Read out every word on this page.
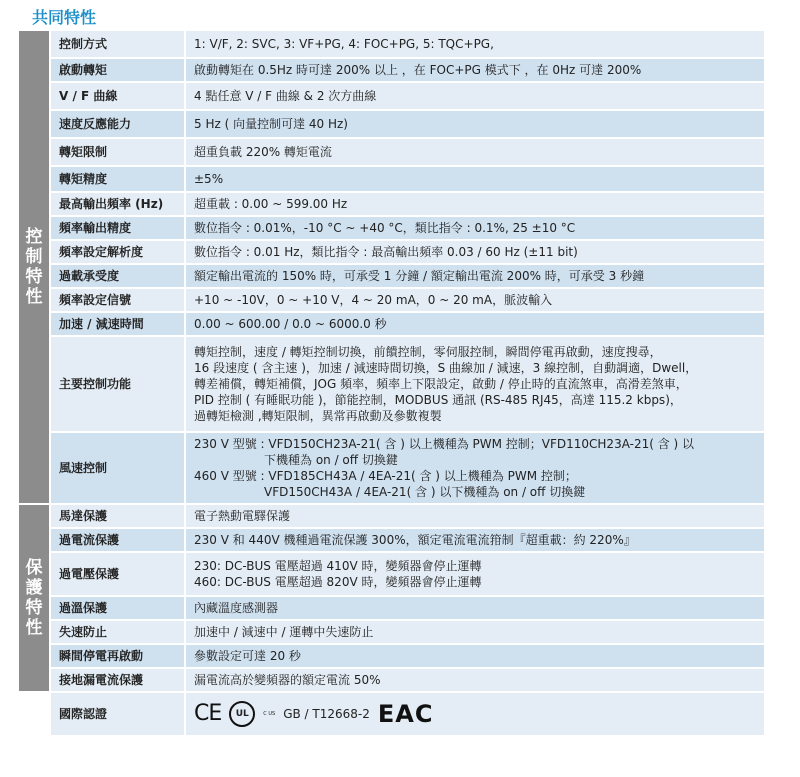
共同特性
控
制
特
性	控制方式	1: V/F, 2: SVC, 3: VF+PG, 4: FOC+PG, 5: TQC+PG,

	啟動轉矩	啟動轉矩在 0.5Hz 時可達 200% 以上 ，在 FOC+PG 模式下 ，在 0Hz 可達 200%

	V / F 曲線	4 點任意 V / F 曲線 & 2 次方曲線

	速度反應能力	5 Hz ( 向量控制可達 40 Hz)

	轉矩限制	超重負載 220% 轉矩電流

	轉矩精度	±5%

	最高輸出頻率 (Hz)	超重載 : 0.00 ~ 599.00 Hz

	頻率輸出精度	數位指令 : 0.01%，-10 °C ~ +40 °C，類比指令 : 0.1%, 25 ±10 °C

	頻率設定解析度	數位指令 : 0.01 Hz，類比指令 : 最高輸出頻率 0.03 / 60 Hz (±11 bit)

	過載承受度	額定輸出電流的 150% 時，可承受 1 分鐘 / 額定輸出電流 200% 時，可承受 3 秒鐘

	頻率設定信號	+10 ~ -10V，0 ~ +10 V，4 ~ 20 mA，0 ~ 20 mA，脈波輸入

	加速 / 減速時間	0.00 ~ 600.00 / 0.0 ~ 6000.0 秒

	主要控制功能	轉矩控制，速度 / 轉矩控制切換，前饋控制，零伺服控制，瞬間停電再啟動，速度搜尋，
16 段速度 ( 含主速 )，加速 / 減速時間切換，S 曲線加 / 減速，3 線控制，自動調適，Dwell，
轉差補償，轉矩補償，JOG 頻率，頻率上下限設定，啟動 / 停止時的直流煞車，高滑差煞車，
PID 控制 ( 有睡眠功能 )，節能控制，MODBUS 通訊 (RS-485 RJ45，高達 115.2 kbps)，
過轉矩檢測 ,轉矩限制，異常再啟動及參數複製

	風速控制	230 V 型號 : VFD150CH23A-21( 含 ) 以上機種為 PWM 控制；VFD110CH23A-21( 含 ) 以
下機種為 on / off 切換鍵
460 V 型號 : VFD185CH43A / 4EA-21( 含 ) 以上機種為 PWM 控制；
VFD150CH43A / 4EA-21( 含 ) 以下機種為 on / off 切換鍵

保
護
特
性	馬達保護	電子熱動電驛保護

	過電流保護	230 V 和 440V 機種過電流保護 300%，額定電流電流箝制『超重載：約 220%』

	過電壓保護	230: DC-BUS 電壓超過 410V 時，變頻器會停止運轉
460: DC-BUS 電壓超過 820V 時，變頻器會停止運轉

	過溫保護	內藏溫度感測器

	失速防止	加速中 / 減速中 / 運轉中失速防止

	瞬間停電再啟動	參數設定可達 20 秒

	接地漏電流保護	漏電流高於變頻器的額定電流 50%

	國際認證	CE UL C US GB / T12668-2 EAC
